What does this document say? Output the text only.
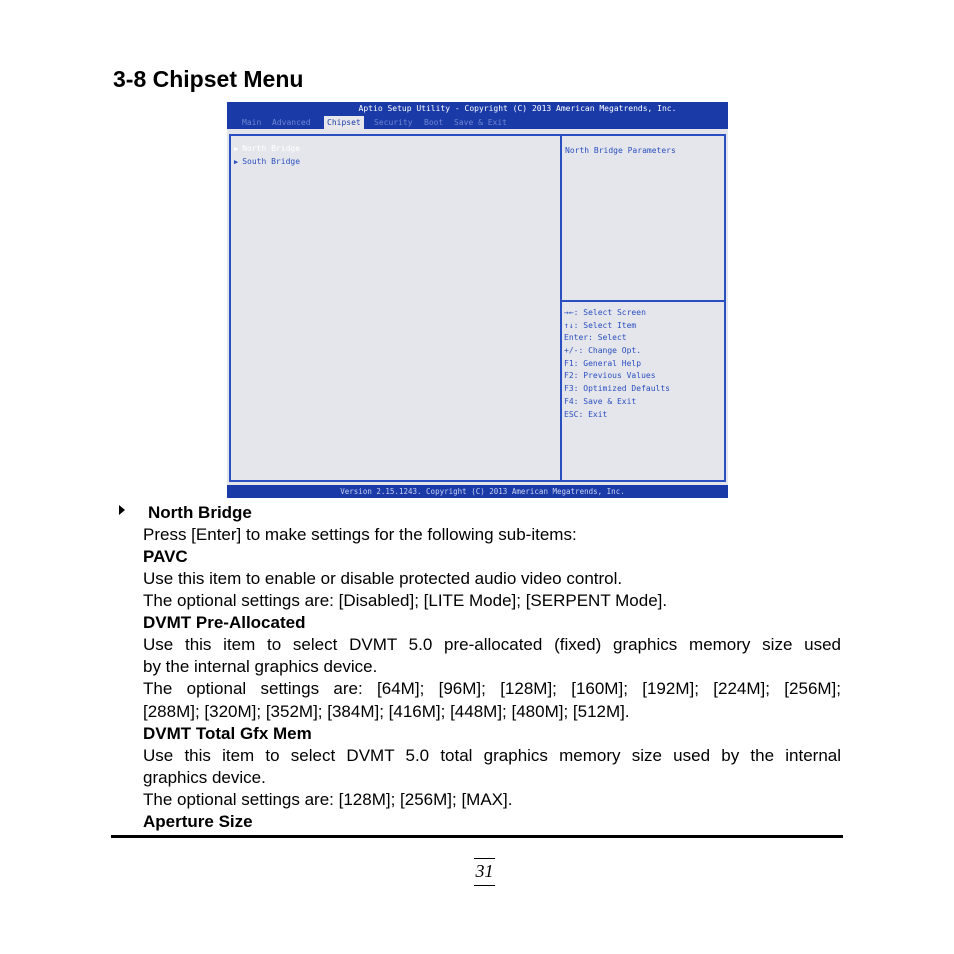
3-8 Chipset Menu
Aptio Setup Utility - Copyright (C) 2013 American Megatrends, Inc.
Main	Advanced	Chipset	Security	Boot	Save & Exit
▶ North Bridge
▶ South Bridge
North Bridge Parameters
→←: Select Screen
↑↓: Select Item
Enter: Select
+/-: Change Opt.
F1: General Help
F2: Previous Values
F3: Optimized Defaults
F4: Save & Exit
ESC: Exit
Version 2.15.1243. Copyright (C) 2013 American Megatrends, Inc.

North Bridge

Press [Enter] to make settings for the following sub-items:

PAVC

Use this item to enable or disable protected audio video control.

The optional settings are: [Disabled]; [LITE Mode]; [SERPENT Mode].

DVMT Pre-Allocated

Use this item to select DVMT 5.0 pre-allocated (fixed) graphics memory size used

by the internal graphics device.

The optional settings are: [64M]; [96M]; [128M]; [160M]; [192M]; [224M]; [256M];

[288M]; [320M]; [352M]; [384M]; [416M]; [448M]; [480M]; [512M].

DVMT Total Gfx Mem

Use this item to select DVMT 5.0 total graphics memory size used by the internal

graphics device.

The optional settings are: [128M]; [256M]; [MAX].

Aperture Size

31
